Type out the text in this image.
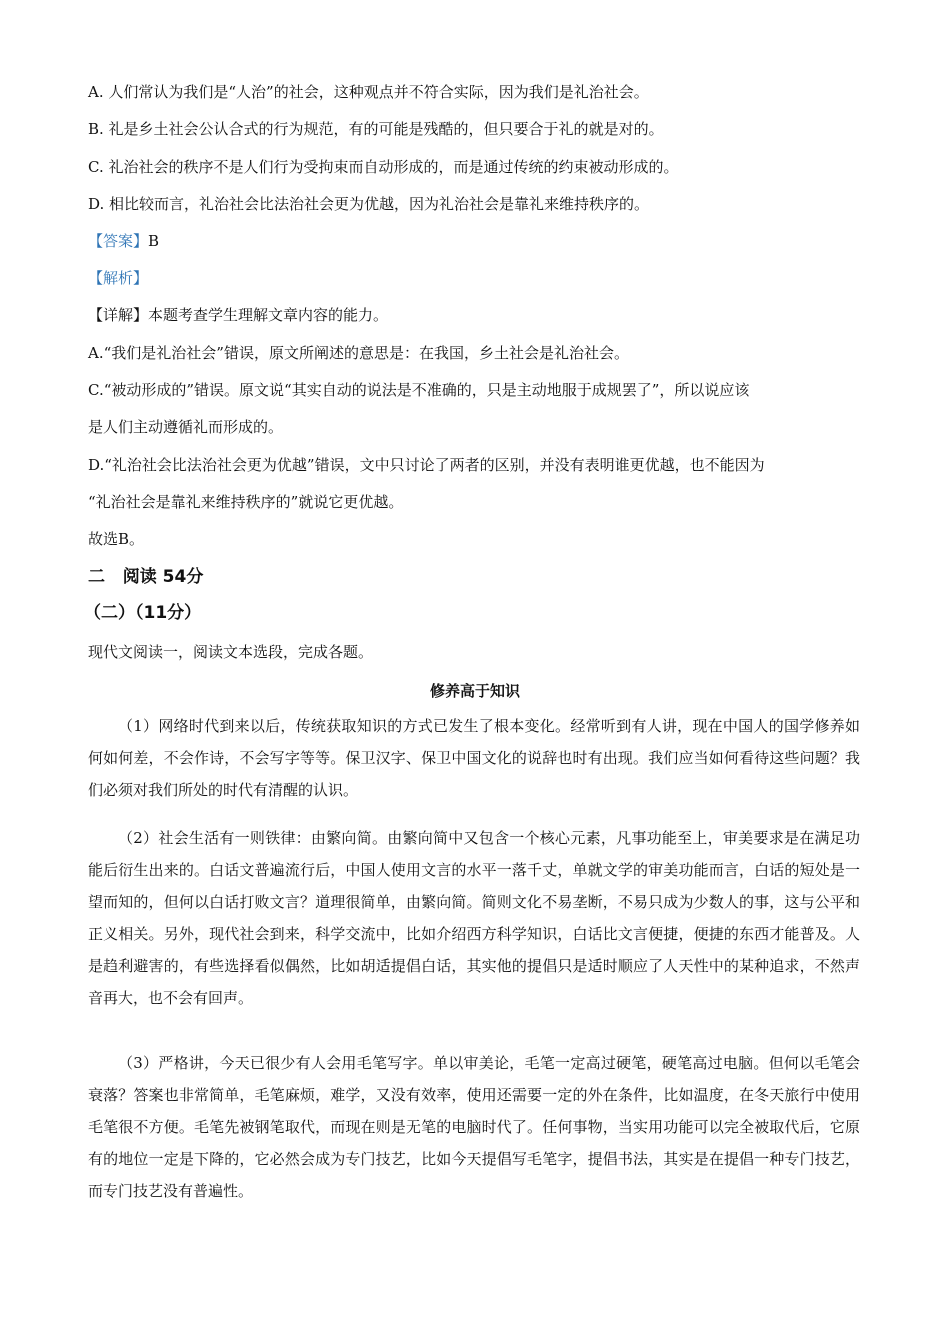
A. 人们常认为我们是“人治”的社会，这种观点并不符合实际，因为我们是礼治社会。
B. 礼是乡土社会公认合式的行为规范，有的可能是残酷的，但只要合于礼的就是对的。
C. 礼治社会的秩序不是人们行为受拘束而自动形成的，而是通过传统的约束被动形成的。
D. 相比较而言，礼治社会比法治社会更为优越，因为礼治社会是靠礼来维持秩序的。
【答案】B
【解析】
【详解】本题考查学生理解文章内容的能力。
A.“我们是礼治社会”错误，原文所阐述的意思是：在我国，乡土社会是礼治社会。
C.“被动形成的”错误。原文说“其实自动的说法是不准确的，只是主动地服于成规罢了”，所以说应该
是人们主动遵循礼而形成的。
D.“礼治社会比法治社会更为优越”错误，文中只讨论了两者的区别，并没有表明谁更优越，也不能因为
“礼治社会是靠礼来维持秩序的”就说它更优越。
故选B。
二   阅读 54分
（二）（11分）
现代文阅读一，阅读文本选段，完成各题。
修养高于知识
（1）网络时代到来以后，传统获取知识的方式已发生了根本变化。经常听到有人讲，现在中国人的国学修养如何如何差，不会作诗，不会写字等等。保卫汉字、保卫中国文化的说辞也时有出现。我们应当如何看待这些问题？我们必须对我们所处的时代有清醒的认识。
（2）社会生活有一则铁律：由繁向简。由繁向简中又包含一个核心元素，凡事功能至上，审美要求是在满足功能后衍生出来的。白话文普遍流行后，中国人使用文言的水平一落千丈，单就文学的审美功能而言，白话的短处是一望而知的，但何以白话打败文言？道理很简单，由繁向简。简则文化不易垄断，不易只成为少数人的事，这与公平和正义相关。另外，现代社会到来，科学交流中，比如介绍西方科学知识，白话比文言便捷，便捷的东西才能普及。人是趋利避害的，有些选择看似偶然，比如胡适提倡白话，其实他的提倡只是适时顺应了人天性中的某种追求，不然声音再大，也不会有回声。
（3）严格讲，今天已很少有人会用毛笔写字。单以审美论，毛笔一定高过硬笔，硬笔高过电脑。但何以毛笔会衰落？答案也非常简单，毛笔麻烦，难学，又没有效率，使用还需要一定的外在条件，比如温度，在冬天旅行中使用毛笔很不方便。毛笔先被钢笔取代，而现在则是无笔的电脑时代了。任何事物，当实用功能可以完全被取代后，它原有的地位一定是下降的，它必然会成为专门技艺，比如今天提倡写毛笔字，提倡书法，其实是在提倡一种专门技艺，而专门技艺没有普遍性。
